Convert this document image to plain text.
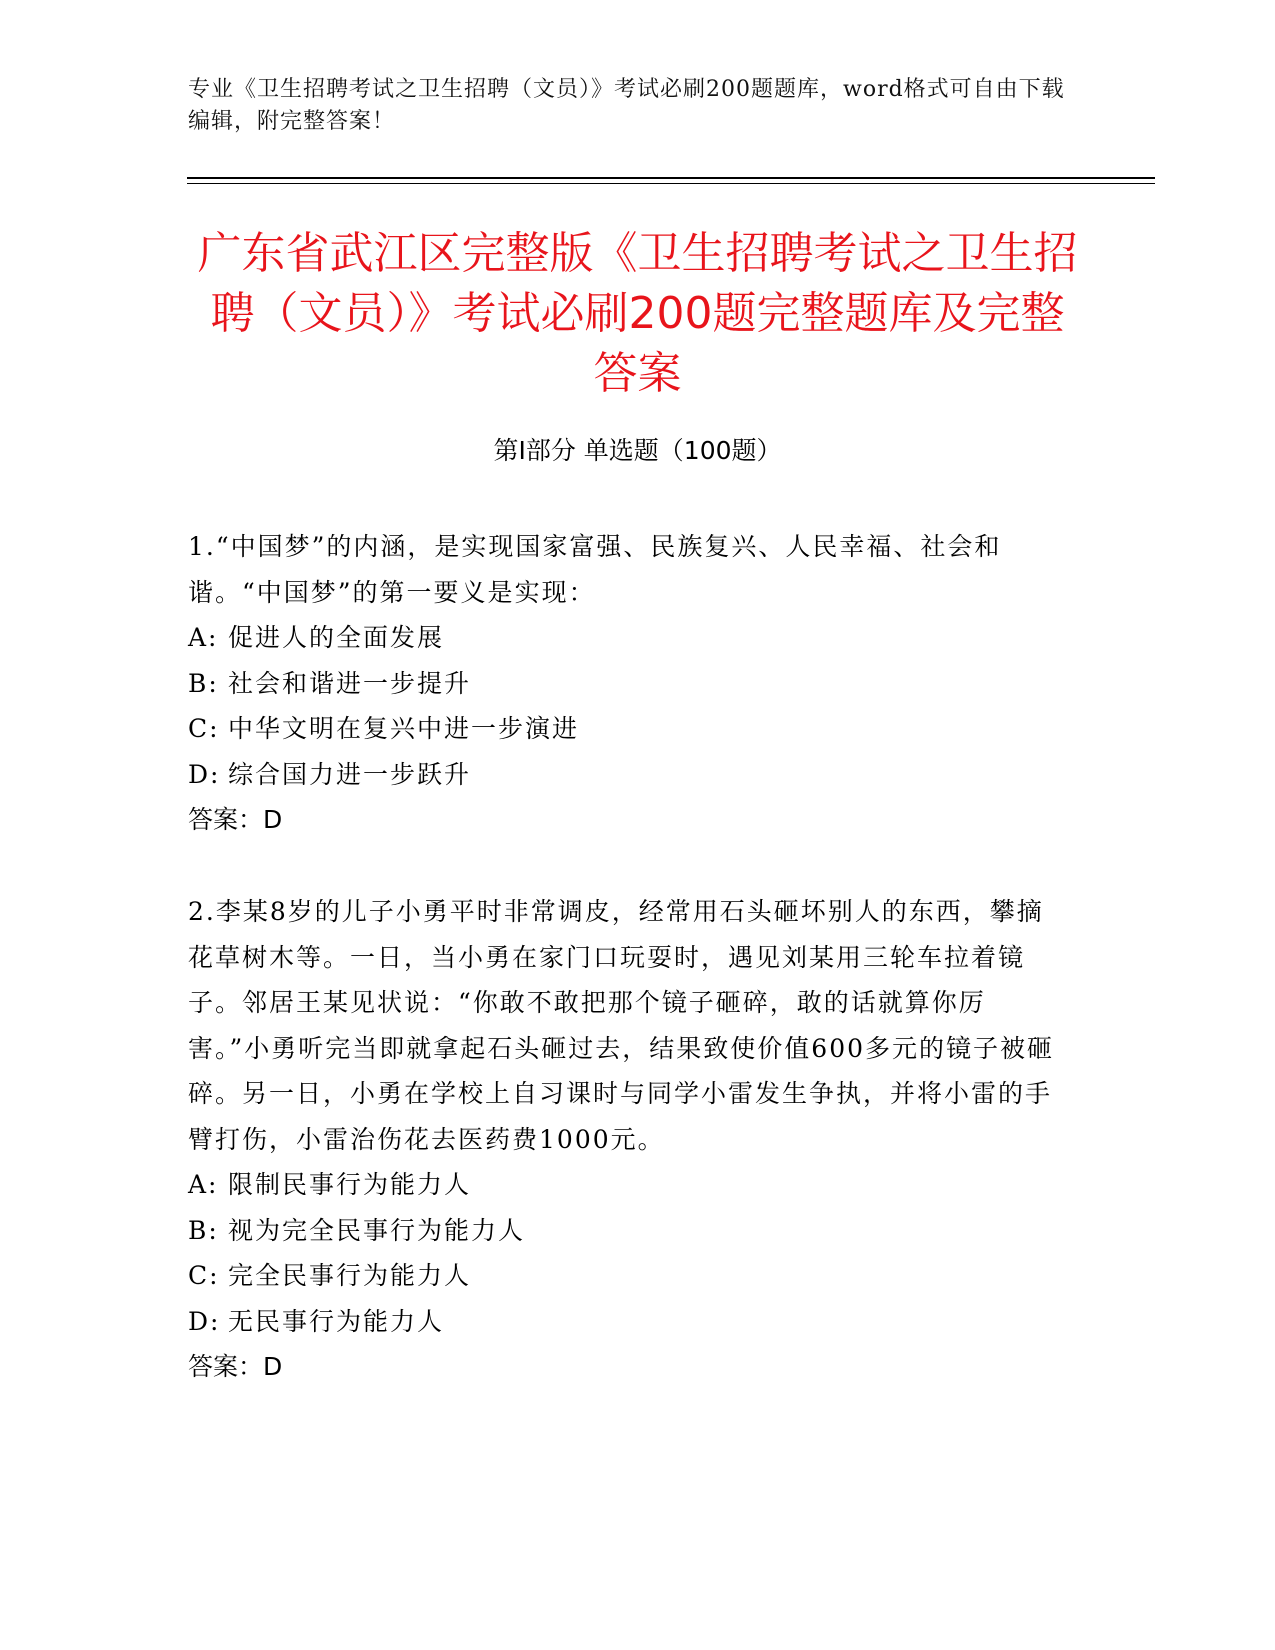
专业《卫生招聘考试之卫生招聘（文员）》考试必刷200题题库，word格式可自由下载编辑，附完整答案！
广东省武江区完整版《卫生招聘考试之卫生招聘（文员）》考试必刷200题完整题库及完整答案
第Ⅰ部分 单选题（100题）

1.“中国梦”的内涵，是实现国家富强、民族复兴、人民幸福、社会和谐。“中国梦”的第一要义是实现：

A: 促进人的全面发展

B: 社会和谐进一步提升

C: 中华文明在复兴中进一步演进

D: 综合国力进一步跃升

答案：D

2.李某8岁的儿子小勇平时非常调皮，经常用石头砸坏别人的东西，攀摘花草树木等。一日，当小勇在家门口玩耍时，遇见刘某用三轮车拉着镜子。邻居王某见状说：“你敢不敢把那个镜子砸碎，敢的话就算你厉害。”小勇听完当即就拿起石头砸过去，结果致使价值600多元的镜子被砸碎。另一日，小勇在学校上自习课时与同学小雷发生争执，并将小雷的手臂打伤，小雷治伤花去医药费1000元。

A: 限制民事行为能力人

B: 视为完全民事行为能力人

C: 完全民事行为能力人

D: 无民事行为能力人

答案：D
